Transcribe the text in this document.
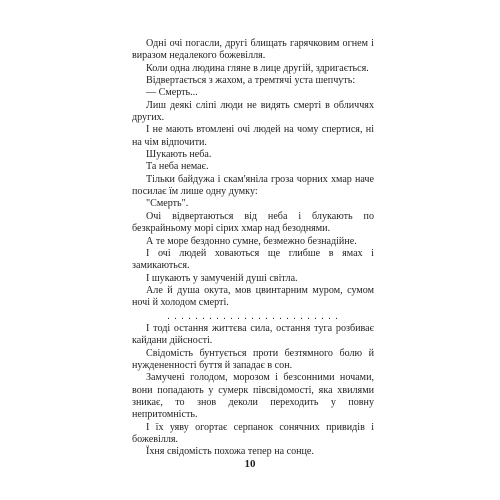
Одні очі погасли, другі блищать гарячковим огнем і виразом недалекого божевілля.

Коли одна людина гляне в лице другій, здригається.

Відвертається з жахом, а тремтячі уста шепчуть:

— Смерть...

Лиш деякі сліпі люди не видять смерті в обличчях других.

І не мають втомлені очі людей на чому спертися, ні на чім відпочити.

Шукають неба.

Та неба немає.

Тільки байдужа і скам'яніла гроза чорних хмар наче посилає їм лише одну думку:

"Смерть".

Очі відвертаються від неба і блукають по безкрайньому морі сірих хмар над безоднями.

А те море бездонно сумне, безмежно безнадійне.

І очі людей ховаються ще глибше в ямах і замикаються.

І шукають у замученій душі світла.

Але й душа окута, мов цвинтарним муром, сумом ночі й холодом смерті.

. . . . . . . . . . . . . . . . . . . . . . . . .

І тоді остання життєва сила, остання туга розбиває кайдани дійсності.

Свідомість бунтується проти безтямного болю й нуждененності буття й западає в сон.

Замучені голодом, морозом і безсонними ночами, вони попадають у сумерк півсвідомості, яка хвилями зникає, то знов деколи переходить у повну непритомність.

І їх уяву огортає серпанок сонячних привидів і божевілля.

Їхня свідомість похожа тепер на сонце.

10
